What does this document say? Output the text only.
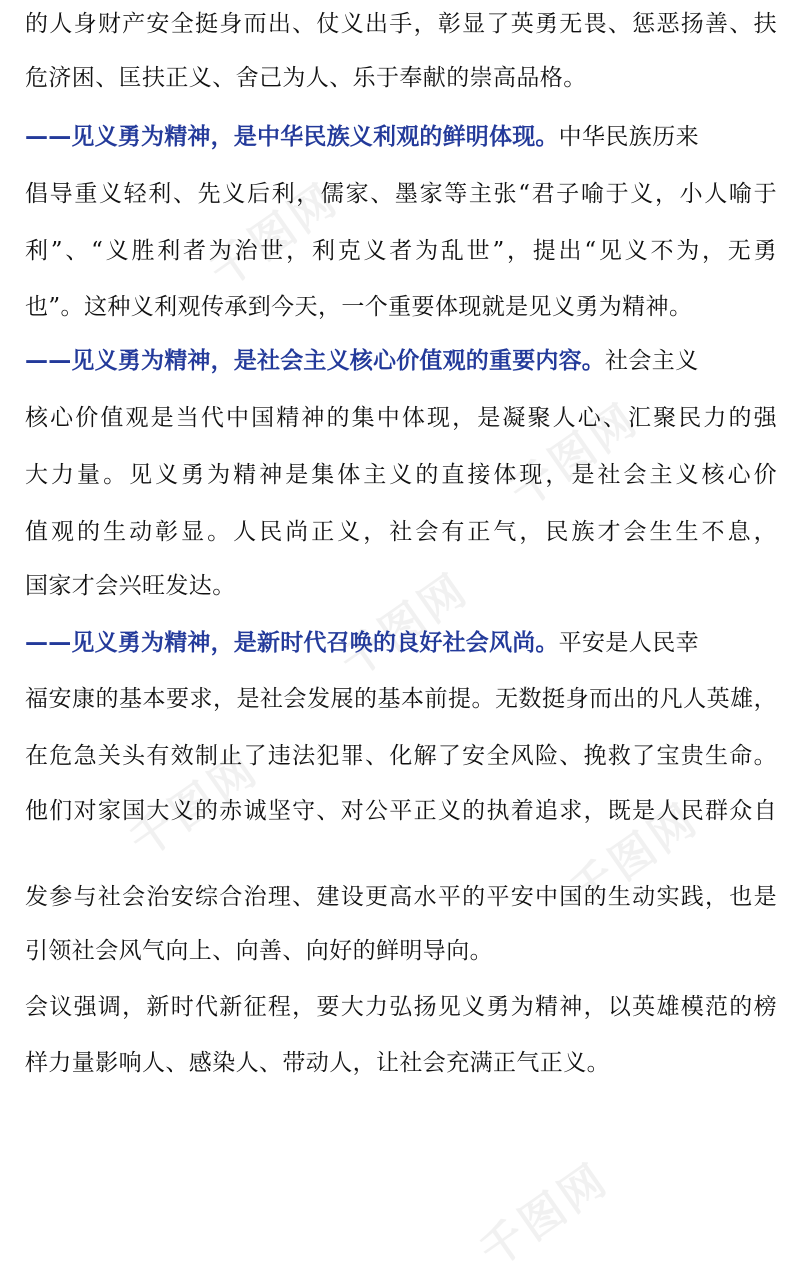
千图网
千图网
千图网
千图网	千图网
千图网
的人身财产安全挺身而出、仗义出手，彰显了英勇无畏、惩恶扬善、扶
危济困、匡扶正义、舍己为人、乐于奉献的崇高品格。
——见义勇为精神，是中华民族义利观的鲜明体现。中华民族历来
倡导重义轻利、先义后利，儒家、墨家等主张“君子喻于义，小人喻于
利”、“义胜利者为治世，利克义者为乱世”，提出“见义不为，无勇
也”。这种义利观传承到今天，一个重要体现就是见义勇为精神。
——见义勇为精神，是社会主义核心价值观的重要内容。社会主义
核心价值观是当代中国精神的集中体现，是凝聚人心、汇聚民力的强
大力量。见义勇为精神是集体主义的直接体现，是社会主义核心价
值观的生动彰显。人民尚正义，社会有正气，民族才会生生不息，
国家才会兴旺发达。
——见义勇为精神，是新时代召唤的良好社会风尚。平安是人民幸
福安康的基本要求，是社会发展的基本前提。无数挺身而出的凡人英雄，
在危急关头有效制止了违法犯罪、化解了安全风险、挽救了宝贵生命。
他们对家国大义的赤诚坚守、对公平正义的执着追求，既是人民群众自
发参与社会治安综合治理、建设更高水平的平安中国的生动实践，也是
引领社会风气向上、向善、向好的鲜明导向。
会议强调，新时代新征程，要大力弘扬见义勇为精神，以英雄模范的榜
样力量影响人、感染人、带动人，让社会充满正气正义。
